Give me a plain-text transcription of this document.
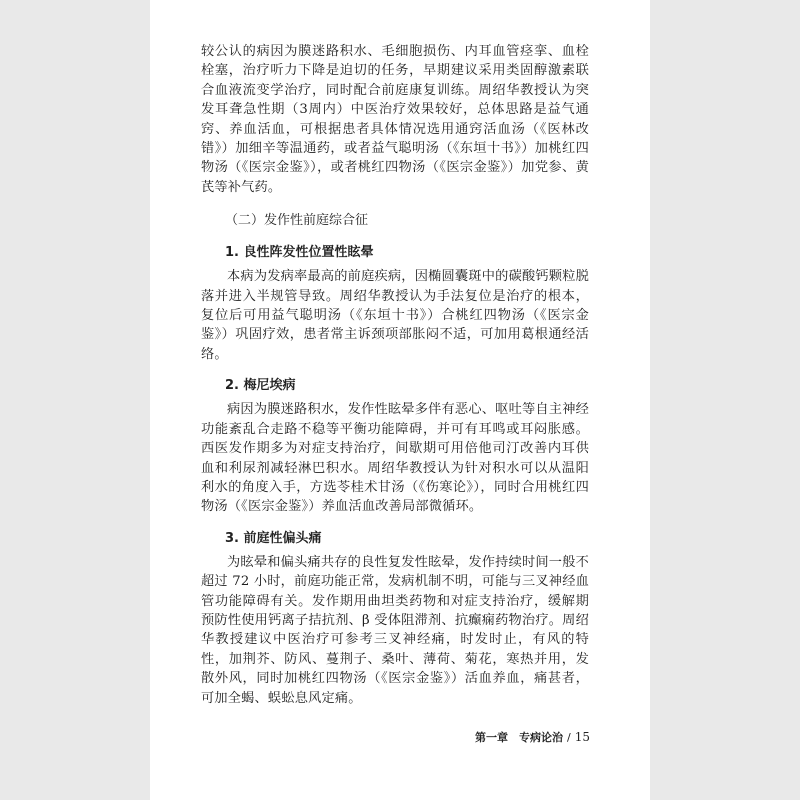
较公认的病因为膜迷路积水、毛细胞损伤、内耳血管痉挛、血栓栓塞，治疗听力下降是迫切的任务，早期建议采用类固醇激素联合血液流变学治疗，同时配合前庭康复训练。周绍华教授认为突发耳聋急性期（3周内）中医治疗效果较好，总体思路是益气通窍、养血活血，可根据患者具体情况选用通窍活血汤（《医林改错》）加细辛等温通药，或者益气聪明汤（《东垣十书》）加桃红四物汤（《医宗金鉴》），或者桃红四物汤（《医宗金鉴》）加党参、黄芪等补气药。

（二）发作性前庭综合征
1. 良性阵发性位置性眩晕

本病为发病率最高的前庭疾病，因椭圆囊斑中的碳酸钙颗粒脱落并进入半规管导致。周绍华教授认为手法复位是治疗的根本，复位后可用益气聪明汤（《东垣十书》）合桃红四物汤（《医宗金鉴》）巩固疗效，患者常主诉颈项部胀闷不适，可加用葛根通经活络。

2. 梅尼埃病

病因为膜迷路积水，发作性眩晕多伴有恶心、呕吐等自主神经功能紊乱合走路不稳等平衡功能障碍，并可有耳鸣或耳闷胀感。西医发作期多为对症支持治疗，间歇期可用倍他司汀改善内耳供血和利尿剂减轻淋巴积水。周绍华教授认为针对积水可以从温阳利水的角度入手，方选苓桂术甘汤（《伤寒论》），同时合用桃红四物汤（《医宗金鉴》）养血活血改善局部微循环。

3. 前庭性偏头痛

为眩晕和偏头痛共存的良性复发性眩晕，发作持续时间一般不超过 72 小时，前庭功能正常，发病机制不明，可能与三叉神经血管功能障碍有关。发作期用曲坦类药物和对症支持治疗，缓解期预防性使用钙离子拮抗剂、β 受体阻滞剂、抗癫痫药物治疗。周绍华教授建议中医治疗可参考三叉神经痛，时发时止，有风的特性，加荆芥、防风、蔓荆子、桑叶、薄荷、菊花，寒热并用，发散外风，同时加桃红四物汤（《医宗金鉴》）活血养血，痛甚者，可加全蝎、蜈蚣息风定痛。

第一章　专病论治 / 15
